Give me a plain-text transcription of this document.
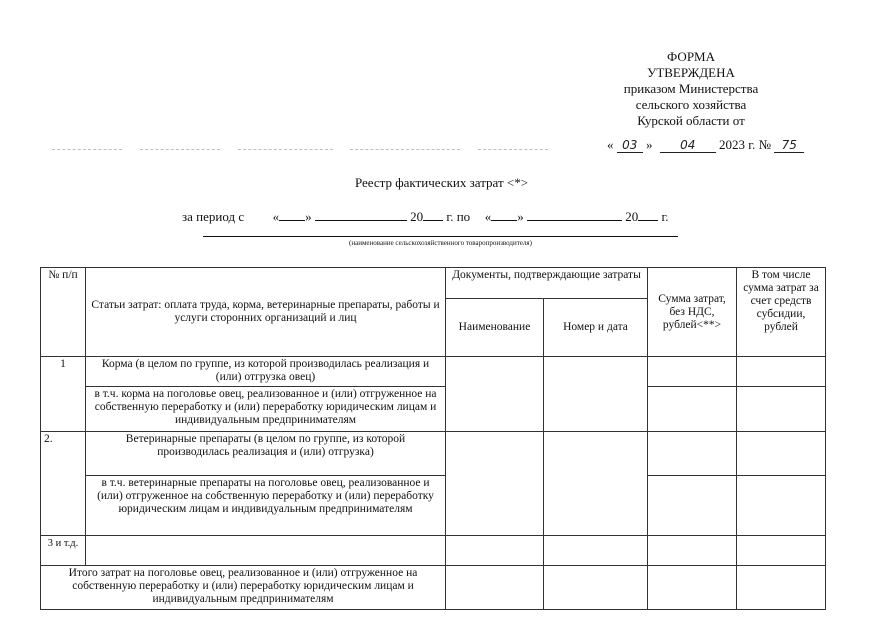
ФОРМА
УТВЕРЖДЕНА
приказом Министерства
сельского хозяйства
Курской области от
« 03 » 04 2023 г. № 75
Реестр фактических затрат <*>
за период с « »	20 г. по « »	20 г.
(наименование сельскохозяйственного товаропроизводителя)
№ п/п	Статьи затрат: оплата труда, корма, ветеринарные препараты, работы и услуги сторонних организаций и лиц	Документы, подтверждающие затраты		Сумма затрат, без НДС, рублей<**>	В том числе сумма затрат за счет средств субсидии, рублей
		Наименование	Номер и дата		
1	Корма (в целом по группе, из которой производилась реализация и (или) отгрузка овец)				
	в т.ч. корма на поголовье овец, реализованное и (или) отгруженное на собственную переработку и (или) переработку юридическим лицам и индивидуальным предпринимателям				
2.	Ветеринарные препараты (в целом по группе, из которой производилась реализация и (или) отгрузка)				
	в т.ч. ветеринарные препараты на поголовье овец, реализованное и (или) отгруженное на собственную переработку и (или) переработку юридическим лицам и индивидуальным предпринимателям				
3 и т.д.					
Итого затрат на поголовье овец, реализованное и (или) отгруженное на собственную переработку и (или) переработку юридическим лицам и индивидуальным предпринимателям					
